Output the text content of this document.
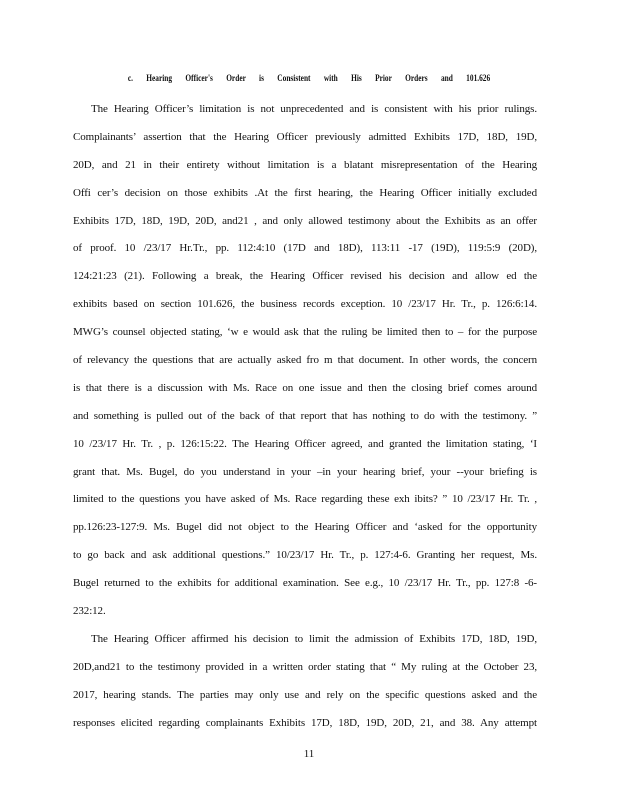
c. Hearing Officer's Order is Consistent with His Prior Orders and 101.626
The Hearing Officer’s limitation is not unprecedented and is consistent with his prior rulings.
Complainants’ assertion that the Hearing Officer previously admitted Exhibits 17D, 18D, 19D,
20D, and 21 in their entirety without limitation is a blatant misrepresentation of the Hearing
Offi cer’s decision on those exhibits .At the first hearing, the Hearing Officer initially excluded
Exhibits 17D, 18D, 19D, 20D, and21 , and only allowed testimony about the Exhibits as an offer
of proof. 10 /23/17 Hr.Tr., pp. 112:4:10 (17D and 18D), 113:11 -17 (19D), 119:5:9 (20D),
124:21:23 (21). Following a break, the Hearing Officer revised his decision and allow ed the
exhibits based on section 101.626, the business records exception. 10 /23/17 Hr. Tr., p. 126:6:14.
MWG’s counsel objected stating, ‘w e would ask that the ruling be limited then to – for the purpose
of relevancy the questions that are actually asked fro m that document. In other words, the concern
is that there is a discussion with Ms. Race on one issue and then the closing brief comes around
and something is pulled out of the back of that report that has nothing to do with the testimony. ”
10 /23/17 Hr. Tr. , p. 126:15:22. The Hearing Officer agreed, and granted the limitation stating, ‘I
grant that. Ms. Bugel, do you understand in your –in your hearing brief, your --your briefing is
limited to the questions you have asked of Ms. Race regarding these exh ibits? ” 10 /23/17 Hr. Tr. ,
pp.126:23-127:9. Ms. Bugel did not object to the Hearing Officer and ‘asked for the opportunity
to go back and ask additional questions.” 10/23/17 Hr. Tr., p. 127:4-6. Granting her request, Ms.
Bugel returned to the exhibits for additional examination. See e.g., 10 /23/17 Hr. Tr., pp. 127:8 -6-
232:12.
The Hearing Officer affirmed his decision to limit the admission of Exhibits 17D, 18D, 19D,
20D,and21 to the testimony provided in a written order stating that “ My ruling at the October 23,
2017, hearing stands. The parties may only use and rely on the specific questions asked and the
responses elicited regarding complainants Exhibits 17D, 18D, 19D, 20D, 21, and 38. Any attempt
11
